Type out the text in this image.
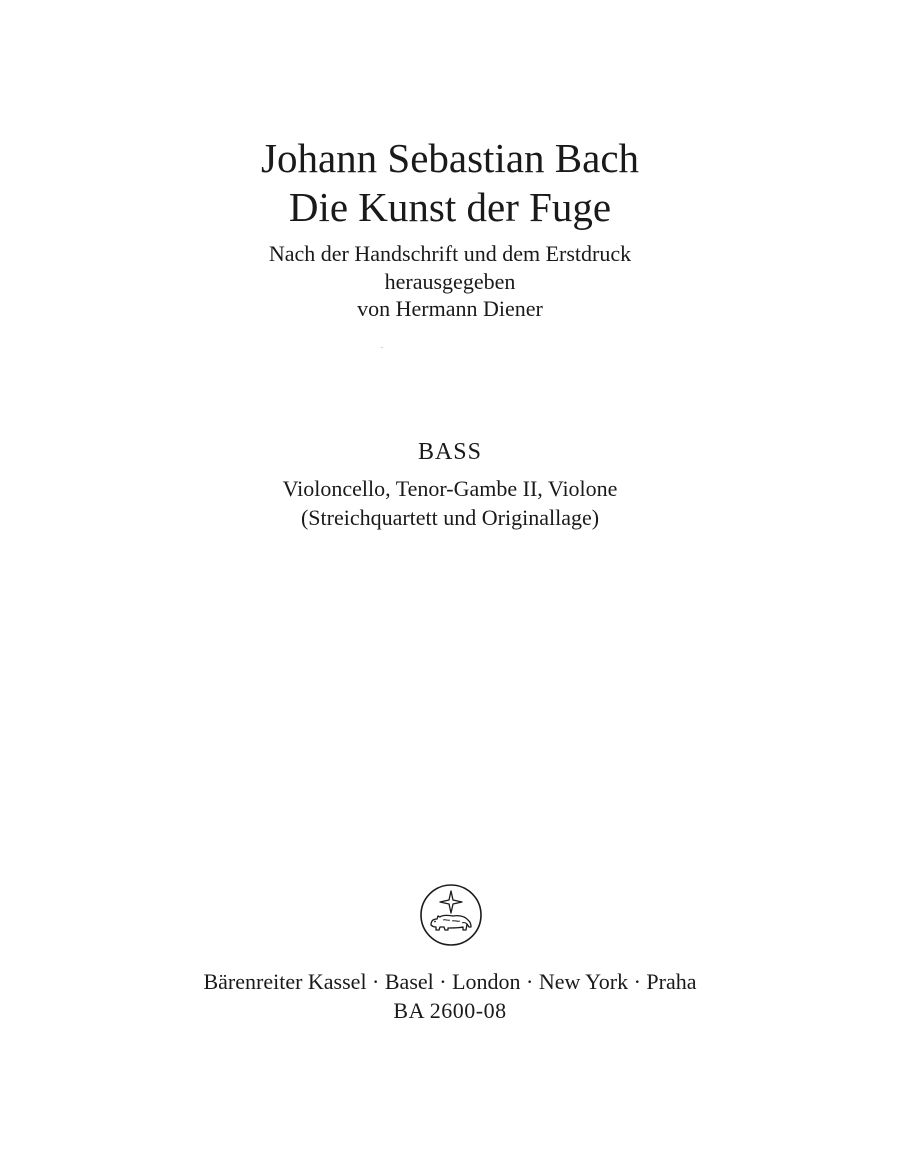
Johann Sebastian Bach
Die Kunst der Fuge
Nach der Handschrift und dem Erstdruck
herausgegeben
von Hermann Diener
BASS
Violoncello, Tenor-Gambe II, Violone
(Streichquartett und Originallage)
Bärenreiter Kassel · Basel · London · New York · Praha
BA 2600-08
